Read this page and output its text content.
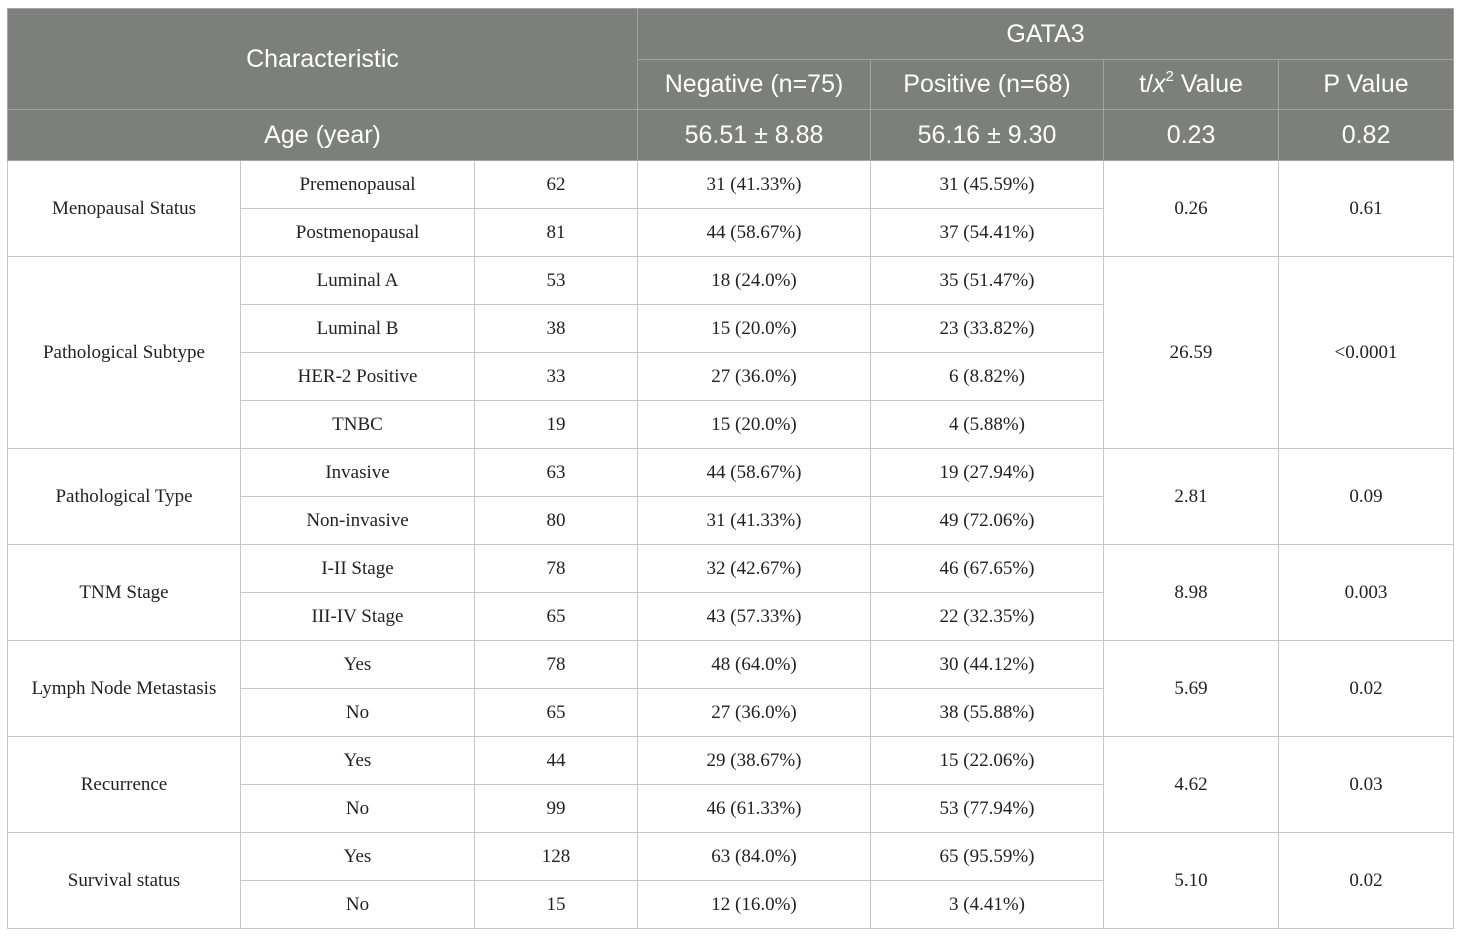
Characteristic			GATA3			
			Negative (n=75)	Positive (n=68)	$t/x^2$ Value	P Value
Age (year)			56.51 ± 8.88	56.16 ± 9.30	0.23	0.82
Menopausal Status	Premenopausal	62	31 (41.33%)	31 (45.59%)	0.26	0.61
	Postmenopausal	81	44 (58.67%)	37 (54.41%)		
Pathological Subtype	Luminal A	53	18 (24.0%)	35 (51.47%)	26.59	<0.0001
	Luminal B	38	15 (20.0%)	23 (33.82%)		
	HER-2 Positive	33	27 (36.0%)	6 (8.82%)		
	TNBC	19	15 (20.0%)	4 (5.88%)		
Pathological Type	Invasive	63	44 (58.67%)	19 (27.94%)	2.81	0.09
	Non-invasive	80	31 (41.33%)	49 (72.06%)		
TNM Stage	I-II Stage	78	32 (42.67%)	46 (67.65%)	8.98	0.003
	III-IV Stage	65	43 (57.33%)	22 (32.35%)		
Lymph Node Metastasis	Yes	78	48 (64.0%)	30 (44.12%)	5.69	0.02
	No	65	27 (36.0%)	38 (55.88%)		
Recurrence	Yes	44	29 (38.67%)	15 (22.06%)	4.62	0.03
	No	99	46 (61.33%)	53 (77.94%)		
Survival status	Yes	128	63 (84.0%)	65 (95.59%)	5.10	0.02
	No	15	12 (16.0%)	3 (4.41%)		
